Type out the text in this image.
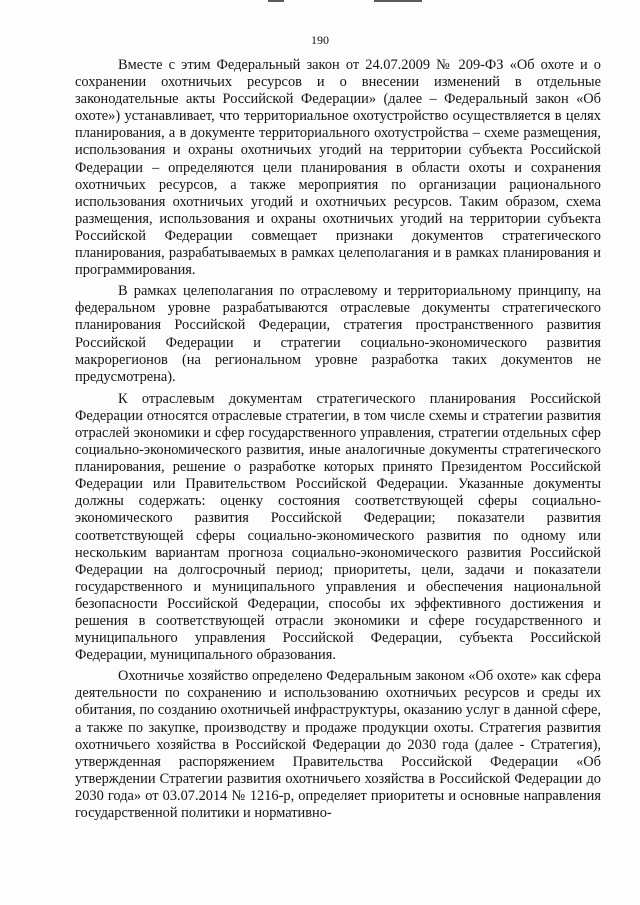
190

Вместе с этим Федеральный закон от 24.07.2009 № 209-ФЗ «Об охоте и о сохранении охотничьих ресурсов и о внесении изменений в отдельные законодательные акты Российской Федерации» (далее – Федеральный закон «Об охоте») устанавливает, что территориальное охотустройство осуществляется в целях планирования, а в документе территориального охотустройства – схеме размещения, использования и охраны охотничьих угодий на территории субъекта Российской Федерации – определяются цели планирования в области охоты и сохранения охотничьих ресурсов, а также мероприятия по организации рационального использования охотничьих угодий и охотничьих ресурсов. Таким образом, схема размещения, использования и охраны охотничьих угодий на территории субъекта Российской Федерации совмещает признаки документов стратегического планирования, разрабатываемых в рамках целеполагания и в рамках планирования и программирования.

В рамках целеполагания по отраслевому и территориальному принципу, на федеральном уровне разрабатываются отраслевые документы стратегического планирования Российской Федерации, стратегия пространственного развития Российской Федерации и стратегии социально-экономического развития макрорегионов (на региональном уровне разработка таких документов не предусмотрена).

К отраслевым документам стратегического планирования Российской Федерации относятся отраслевые стратегии, в том числе схемы и стратегии развития отраслей экономики и сфер государственного управления, стратегии отдельных сфер социально-экономического развития, иные аналогичные документы стратегического планирования, решение о разработке которых принято Президентом Российской Федерации или Правительством Российской Федерации. Указанные документы должны содержать: оценку состояния соответствующей сферы социально-экономического развития Российской Федерации; показатели развития соответствующей сферы социально-экономического развития по одному или нескольким вариантам прогноза социально-экономического развития Российской Федерации на долгосрочный период; приоритеты, цели, задачи и показатели государственного и муниципального управления и обеспечения национальной безопасности Российской Федерации, способы их эффективного достижения и решения в соответствующей отрасли экономики и сфере государственного и муниципального управления Российской Федерации, субъекта Российской Федерации, муниципального образования.

Охотничье хозяйство определено Федеральным законом «Об охоте» как сфера деятельности по сохранению и использованию охотничьих ресурсов и среды их обитания, по созданию охотничьей инфраструктуры, оказанию услуг в данной сфере, а также по закупке, производству и продаже продукции охоты. Стратегия развития охотничьего хозяйства в Российской Федерации до 2030 года (далее - Стратегия), утвержденная распоряжением Правительства Российской Федерации «Об утверждении Стратегии развития охотничьего хозяйства в Российской Федерации до 2030 года» от 03.07.2014 № 1216-р, определяет приоритеты и основные направления государственной политики и нормативно-
